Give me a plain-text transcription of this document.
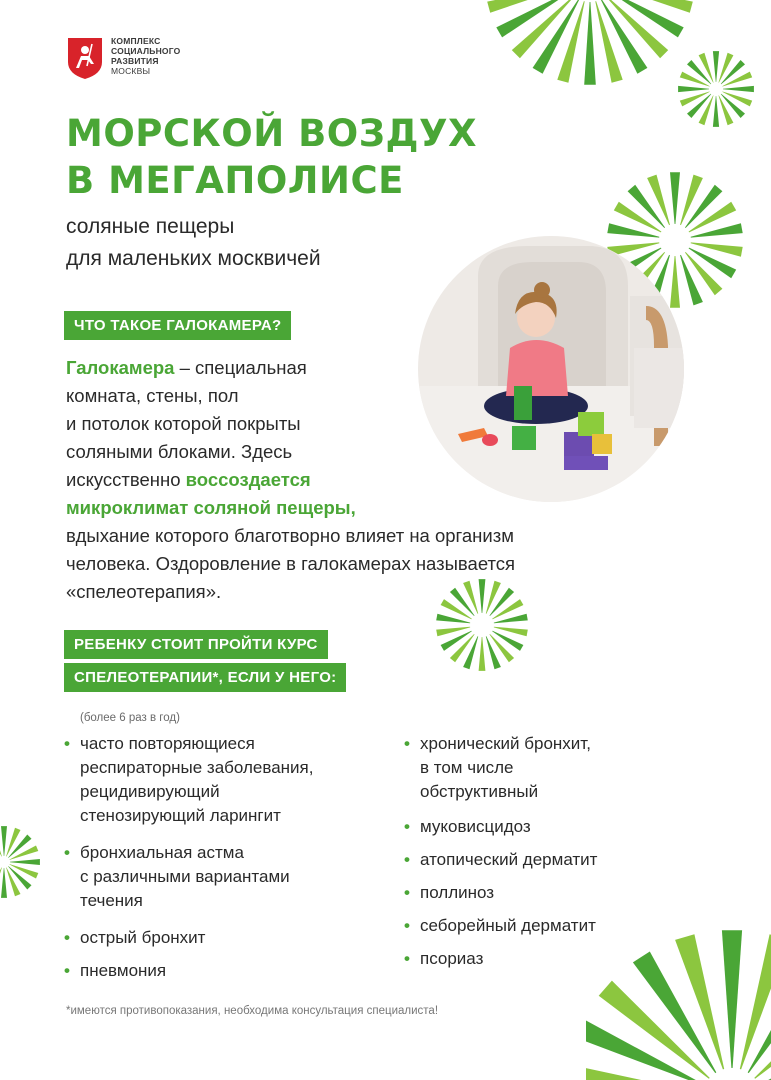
КОМПЛЕКС
СОЦИАЛЬНОГО
РАЗВИТИЯ
МОСКВЫ
МОРСКОЙ ВОЗДУХ
В МЕГАПОЛИСЕ
соляные пещеры
для маленьких москвичей
ЧТО ТАКОЕ ГАЛОКАМЕРА?
Галокамера – специальная
комната, стены, пол
и потолок которой покрыты
соляными блоками. Здесь
искусственно воссоздается
микроклимат соляной пещеры,
вдыхание которого благотворно влияет на организм
человека. Оздоровление в галокамерах называется
«спелеотерапия».
РЕБЕНКУ СТОИТ ПРОЙТИ КУРС
СПЕЛЕОТЕРАПИИ*, ЕСЛИ У НЕГО:
(более 6 раз в год)
• часто повторяющиеся
респираторные заболевания,
рецидивирующий
стенозирующий ларингит
• бронхиальная астма
с различными вариантами
течения
• острый бронхит
• пневмония
• хронический бронхит,
в том числе
обструктивный
• муковисцидоз
• атопический дерматит
• поллиноз
• себорейный дерматит
• псориаз
*имеются противопоказания, необходима консультация специалиста!
